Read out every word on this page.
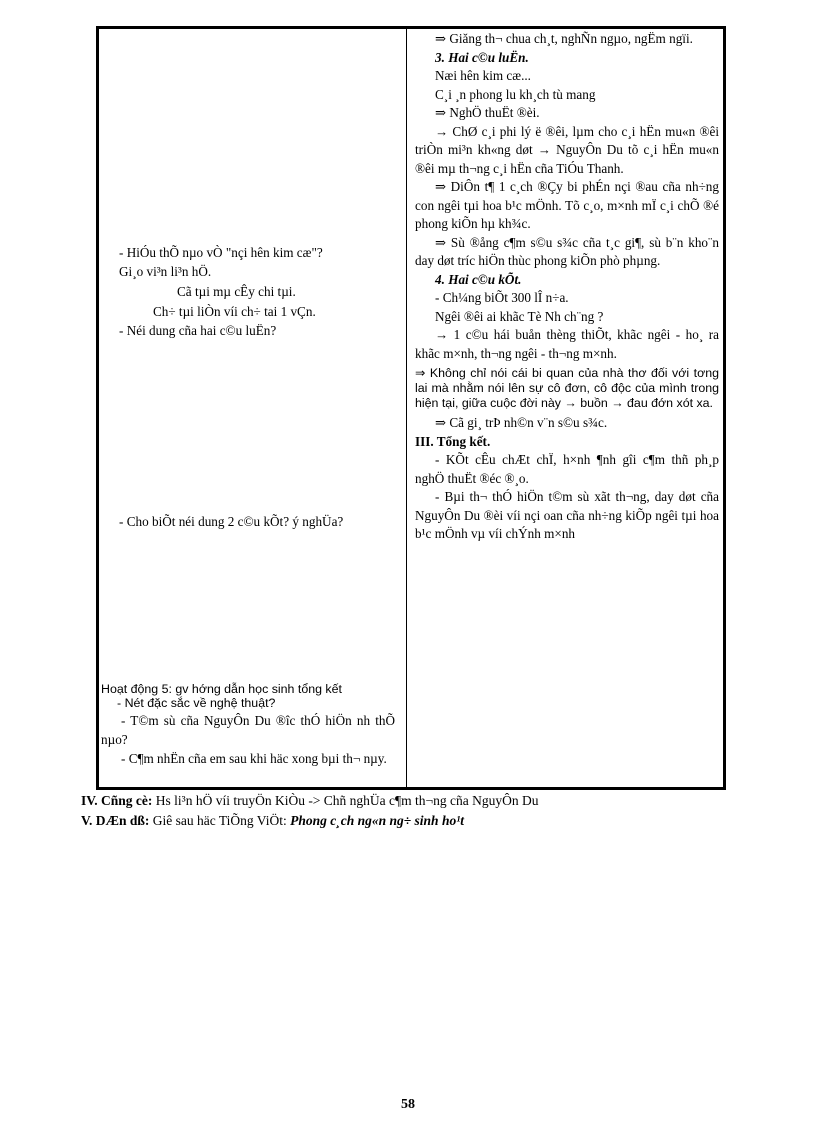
- HiÓu thÕ nµo vÒ "nçi hên kim cæ"?
Gi¸o vi³n li³n hÖ.
Cã tµi mµ cÊy chi tµi.
Ch÷ tµi liÒn víi ch÷ tai 1 vÇn.
- Néi dung cña hai c©u luËn?
- Cho biÕt néi dung 2 c©u kÕt? ý nghÜa?
Hoạt động 5: gv hớng dẫn học sinh tổng kết
- Nét đặc sắc về nghệ thuật?
- T©m sù cña NguyÔn Du ®îc thÓ hiÖn nh thÕ nµo?
- C¶m nhËn cña em sau khi häc xong bµi th¬ nµy.
⇒ Giăng th¬ chua ch¸t, nghÑn ngµo, ngËm ngïi.
3. Hai c©u luËn.
Næi hên kim cæ...
C¸i ¸n phong lu kh¸ch tù mang
⇒ NghÖ thuËt ®èi.
→ ChØ c¸i phi lý ë ®êi, lµm cho c¸i hËn mu«n ®êi triÒn mi³n kh«ng døt → NguyÔn Du tõ c¸i hËn mu«n ®êi mµ th¬ng c¸i hËn cña TiÓu Thanh.
⇒ DiÔn t¶ 1 c¸ch ®Çy bi phÉn nçi ®au cña nh÷ng con ngêi tµi hoa b¹c mÖnh. Tõ c¸o, m×nh mÏ c¸i chÕ ®é phong kiÕn hµ kh¾c.
⇒ Sù ®ång c¶m s©u s¾c cña t¸c gi¶, sù b¨n kho¨n day døt tríc hiÖn thùc phong kiÕn phò phµng.
4. Hai c©u kÕt.
- Ch¼ng biÕt 300 lÎ n÷a.
Ngêi ®êi ai khãc Tè Nh ch¨ng ?
→ 1 c©u hái buån thèng thiÕt, khãc ngêi - ho¸ ra khãc m×nh, th¬ng ngêi - th¬ng m×nh.
⇒ Không chỉ nói cái bi quan của nhà thơ đối với tơng lai mà nhằm nói lên sự cô đơn, cô độc của mình trong hiện tại, giữa cuộc đời này → buồn → đau đớn xót xa.
⇒ Cã gi¸ trÞ nh©n v¨n s©u s¾c.
III. Tổng kết.
- KÕt cÊu chÆt chÏ, h×nh ¶nh gîi c¶m thñ ph¸p nghÖ thuËt ®éc ®¸o.
- Bµi th¬ thÓ hiÖn t©m sù xãt th¬ng, day døt cña NguyÔn Du ®èi víi nçi oan cña nh÷ng kiÕp ngêi tµi hoa b¹c mÖnh vµ víi chÝnh m×nh
IV. Cñng cè: Hs li³n hÖ víi truyÖn KiÒu -> Chñ nghÜa c¶m th¬ng cña NguyÔn Du
V. DÆn dß: Giê sau häc TiÕng ViÖt: Phong c¸ch ng«n ng÷ sinh ho¹t
58
